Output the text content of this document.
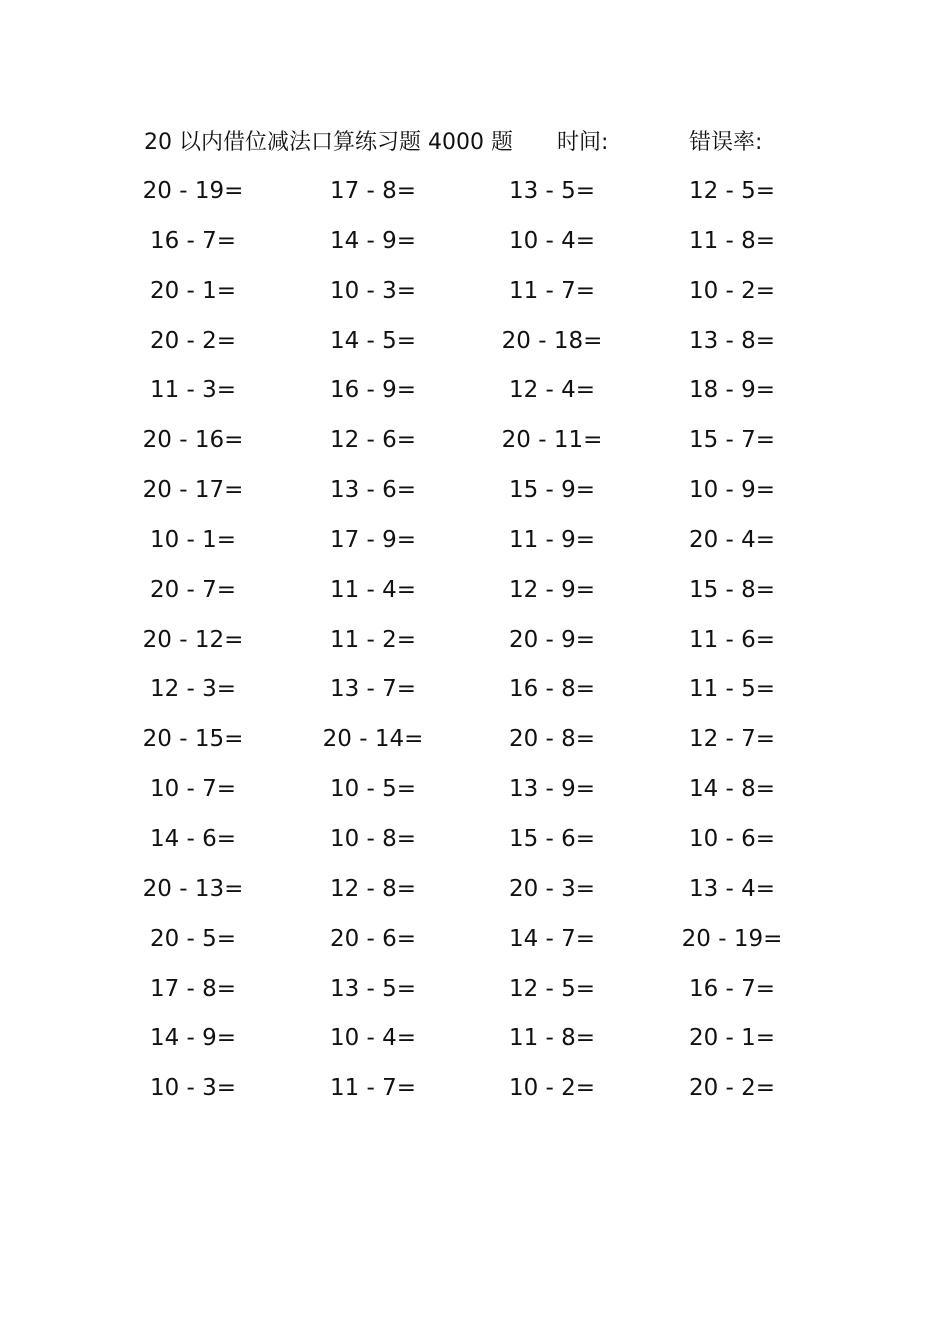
20 以内借位减法口算练习题 4000 题 时间:	错误率:
20 - 19=	17 - 8=	13 - 5=	12 - 5=
16 - 7=	14 - 9=	10 - 4=	11 - 8=
20 - 1=	10 - 3=	11 - 7=	10 - 2=
20 - 2=	14 - 5=	20 - 18=	13 - 8=
11 - 3=	16 - 9=	12 - 4=	18 - 9=
20 - 16=	12 - 6=	20 - 11=	15 - 7=
20 - 17=	13 - 6=	15 - 9=	10 - 9=
10 - 1=	17 - 9=	11 - 9=	20 - 4=
20 - 7=	11 - 4=	12 - 9=	15 - 8=
20 - 12=	11 - 2=	20 - 9=	11 - 6=
12 - 3=	13 - 7=	16 - 8=	11 - 5=
20 - 15=	20 - 14=	20 - 8=	12 - 7=
10 - 7=	10 - 5=	13 - 9=	14 - 8=
14 - 6=	10 - 8=	15 - 6=	10 - 6=
20 - 13=	12 - 8=	20 - 3=	13 - 4=
20 - 5=	20 - 6=	14 - 7=	20 - 19=
17 - 8=	13 - 5=	12 - 5=	16 - 7=
14 - 9=	10 - 4=	11 - 8=	20 - 1=
10 - 3=	11 - 7=	10 - 2=	20 - 2=
